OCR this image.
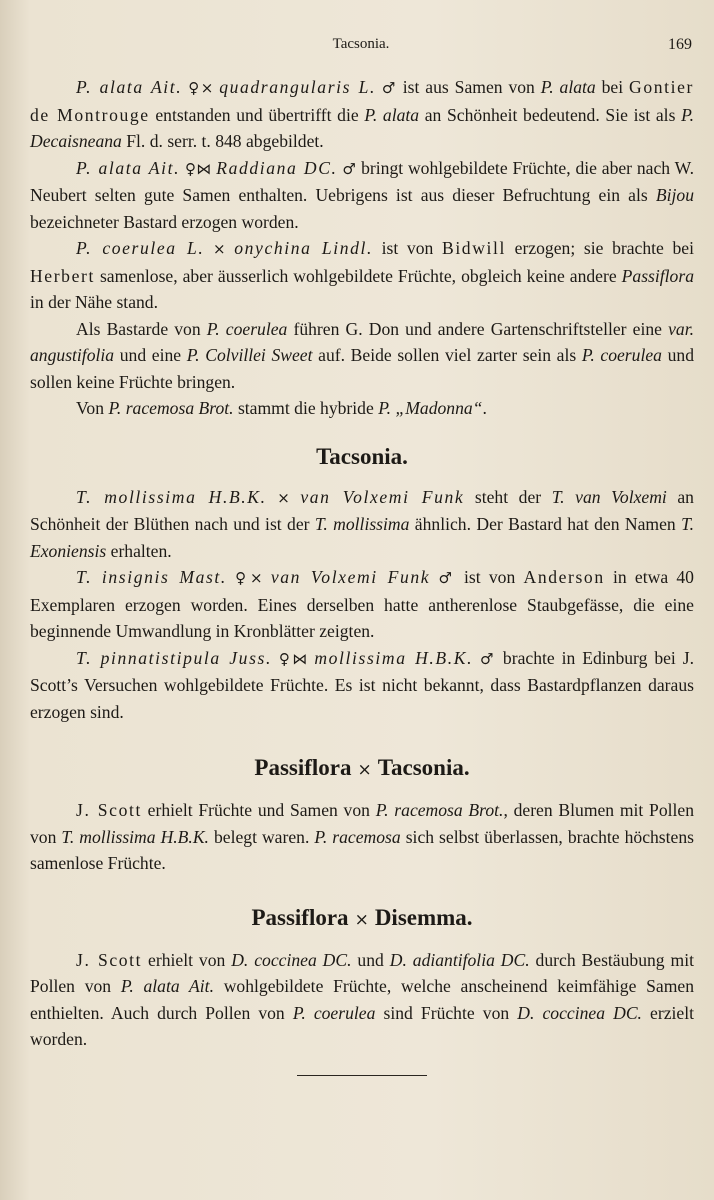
Tacsonia.	169

P. alata Ait. ♀× quadrangularis L. ♂ ist aus Samen von P. alata bei Gontier de Montrouge entstanden und übertrifft die P. alata an Schönheit bedeutend. Sie ist als P. Decaisneana Fl. d. serr. t. 848 abgebildet.

P. alata Ait. ♀⋈ Raddiana DC. ♂ bringt wohlgebildete Früchte, die aber nach W. Neubert selten gute Samen enthalten. Uebrigens ist aus dieser Befruchtung ein als Bijou bezeichneter Bastard erzogen worden.

P. coerulea L. × onychina Lindl. ist von Bidwill erzogen; sie brachte bei Herbert samenlose, aber äusserlich wohlgebildete Früchte, obgleich keine andere Passiflora in der Nähe stand.

Als Bastarde von P. coerulea führen G. Don und andere Gartenschriftsteller eine var. angustifolia und eine P. Colvillei Sweet auf. Beide sollen viel zarter sein als P. coerulea und sollen keine Früchte bringen.

Von P. racemosa Brot. stammt die hybride P. „Madonna“.

Tacsonia.

T. mollissima H.B.K. × van Volxemi Funk steht der T. van Volxemi an Schönheit der Blüthen nach und ist der T. mollissima ähnlich. Der Bastard hat den Namen T. Exoniensis erhalten.

T. insignis Mast. ♀× van Volxemi Funk ♂ ist von Anderson in etwa 40 Exemplaren erzogen worden. Eines derselben hatte antherenlose Staubgefässe, die eine beginnende Umwandlung in Kronblätter zeigten.

T. pinnatistipula Juss. ♀⋈ mollissima H.B.K. ♂ brachte in Edinburg bei J. Scott’s Versuchen wohlgebildete Früchte. Es ist nicht bekannt, dass Bastardpflanzen daraus erzogen sind.

Passiflora × Tacsonia.

J. Scott erhielt Früchte und Samen von P. racemosa Brot., deren Blumen mit Pollen von T. mollissima H.B.K. belegt waren. P. racemosa sich selbst überlassen, brachte höchstens samenlose Früchte.

Passiflora × Disemma.

J. Scott erhielt von D. coccinea DC. und D. adiantifolia DC. durch Bestäubung mit Pollen von P. alata Ait. wohlgebildete Früchte, welche anscheinend keimfähige Samen enthielten. Auch durch Pollen von P. coerulea sind Früchte von D. coccinea DC. erzielt worden.
